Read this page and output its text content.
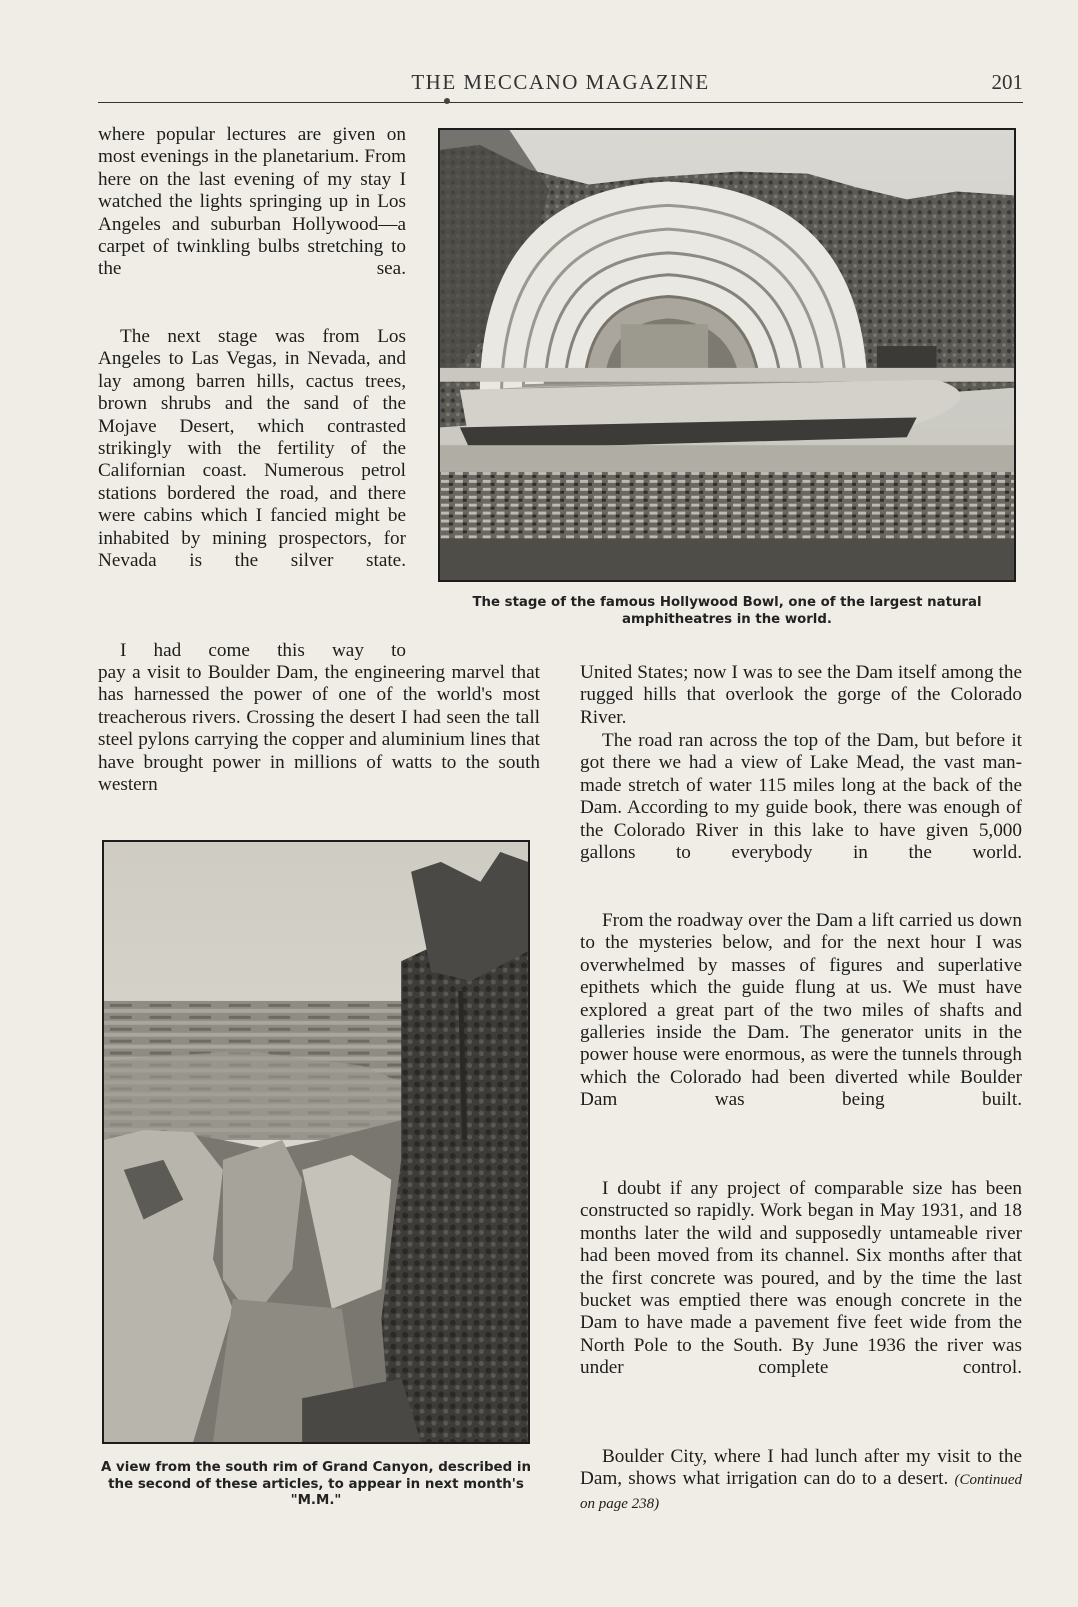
THE MECCANO MAGAZINE	201

where popular lectures are given on most evenings in the planetarium. From here on the last evening of my stay I watched the lights springing up in Los Angeles and suburban Hollywood—a carpet of twinkling bulbs stretching to the sea.

The next stage was from Los Angeles to Las Vegas, in Nevada, and lay among barren hills, cactus trees, brown shrubs and the sand of the Mojave Desert, which contrasted strikingly with the fertility of the Californian coast. Numerous petrol stations bordered the road, and there were cabins which I fancied might be inhabited by mining prospectors, for Nevada is the silver state.

I had come this way to

pay a visit to Boulder Dam, the engineering marvel that has harnessed the power of one of the world's most treacherous rivers. Crossing the desert I had seen the tall steel pylons carrying the copper and aluminium lines that have brought power in millions of watts to the south western

The stage of the famous Hollywood Bowl, one of the largest natural amphitheatres in the world.

United States; now I was to see the Dam itself among the rugged hills that overlook the gorge of the Colorado River.

The road ran across the top of the Dam, but before it got there we had a view of Lake Mead, the vast man-made stretch of water 115 miles long at the back of the Dam. According to my guide book, there was enough of the Colorado River in this lake to have given 5,000 gallons to everybody in the world.

From the roadway over the Dam a lift carried us down to the mysteries below, and for the next hour I was overwhelmed by masses of figures and superlative epithets which the guide flung at us. We must have explored a great part of the two miles of shafts and galleries inside the Dam. The generator units in the power house were enormous, as were the tunnels through which the Colorado had been diverted while Boulder Dam was being built.

I doubt if any project of comparable size has been constructed so rapidly. Work began in May 1931, and 18 months later the wild and supposedly untameable river had been moved from its channel. Six months after that the first concrete was poured, and by the time the last bucket was emptied there was enough concrete in the Dam to have made a pavement five feet wide from the North Pole to the South. By June 1936 the river was under complete control.

Boulder City, where I had lunch after my visit to the Dam, shows what irrigation can do to a desert. (Continued on page 238)

A view from the south rim of Grand Canyon, described in the second of these articles, to appear in next month's "M.M."
